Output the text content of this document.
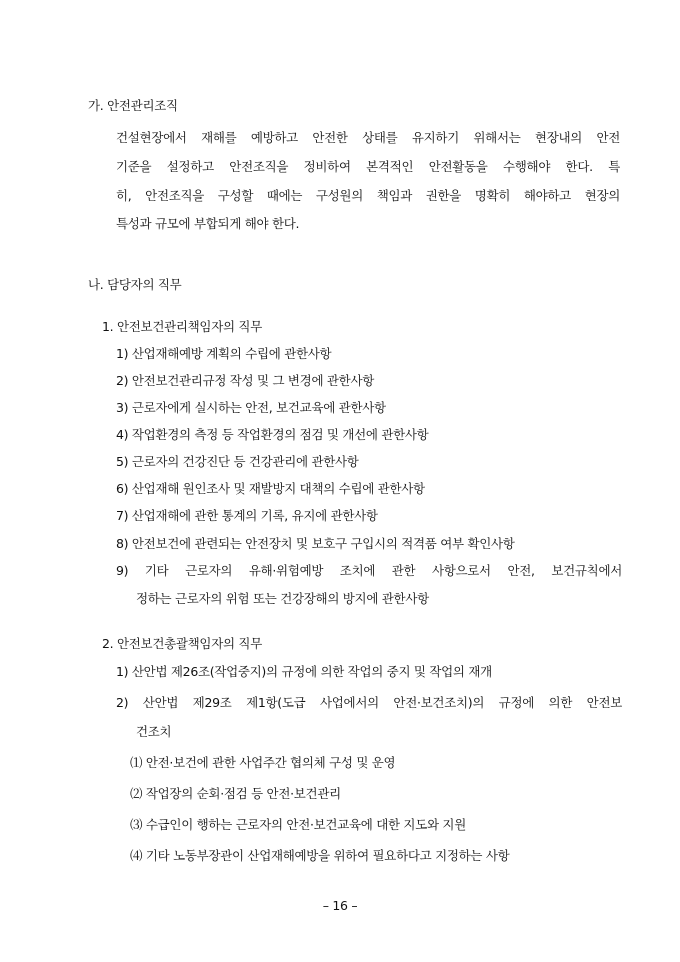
가. 안전관리조직
건설현장에서 재해를 예방하고 안전한 상태를 유지하기 위해서는 현장내의 안전
기준을 설정하고 안전조직을 정비하여 본격적인 안전활동을 수행해야 한다. 특
히, 안전조직을 구성할 때에는 구성원의 책임과 권한을 명확히 해야하고 현장의
특성과 규모에 부합되게 해야 한다.
나. 담당자의 직무
1. 안전보건관리책임자의 직무
1) 산업재해예방 계획의 수립에 관한사항
2) 안전보건관리규정 작성 및 그 변경에 관한사항
3) 근로자에게 실시하는 안전, 보건교육에 관한사항
4) 작업환경의 측정 등 작업환경의 점검 및 개선에 관한사항
5) 근로자의 건강진단 등 건강관리에 관한사항
6) 산업재해 원인조사 및 재발방지 대책의 수립에 관한사항
7) 산업재해에 관한 통계의 기록, 유지에 관한사항
8) 안전보건에 관련되는 안전장치 및 보호구 구입시의 적격품 여부 확인사항
9) 기타 근로자의 유해·위험예방 조치에 관한 사항으로서 안전, 보건규칙에서
정하는 근로자의 위험 또는 건강장해의 방지에 관한사항
2. 안전보건총괄책임자의 직무
1) 산안법 제26조(작업중지)의 규정에 의한 작업의 중지 및 작업의 재개
2) 산안법 제29조 제1항(도급 사업에서의 안전·보건조치)의 규정에 의한 안전보
건조치
⑴ 안전·보건에 관한 사업주간 협의체 구성 및 운영
⑵ 작업장의 순회·점검 등 안전·보건관리
⑶ 수급인이 행하는 근로자의 안전·보건교육에 대한 지도와 지원
⑷ 기타 노동부장관이 산업재해예방을 위하여 필요하다고 지정하는 사항
– 16 –
